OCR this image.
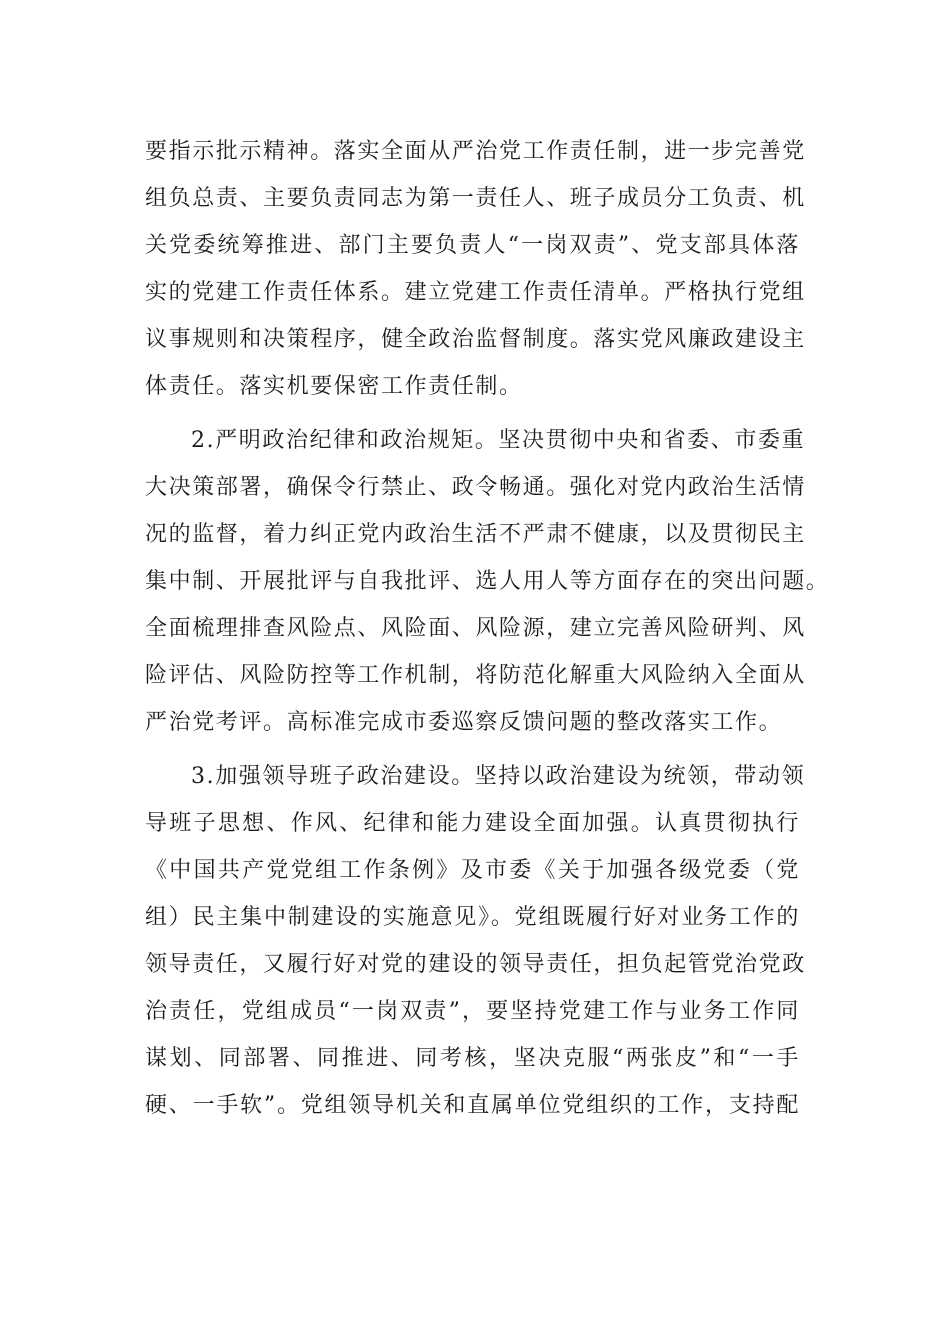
要指示批示精神。落实全面从严治党工作责任制，进一步完善党
组负总责、主要负责同志为第一责任人、班子成员分工负责、机
关党委统筹推进、部门主要负责人“一岗双责”、党支部具体落
实的党建工作责任体系。建立党建工作责任清单。严格执行党组
议事规则和决策程序，健全政治监督制度。落实党风廉政建设主
体责任。落实机要保密工作责任制。
2.严明政治纪律和政治规矩。坚决贯彻中央和省委、市委重
大决策部署，确保令行禁止、政令畅通。强化对党内政治生活情
况的监督，着力纠正党内政治生活不严肃不健康，以及贯彻民主
集中制、开展批评与自我批评、选人用人等方面存在的突出问题。
全面梳理排查风险点、风险面、风险源，建立完善风险研判、风
险评估、风险防控等工作机制，将防范化解重大风险纳入全面从
严治党考评。高标准完成市委巡察反馈问题的整改落实工作。
3.加强领导班子政治建设。坚持以政治建设为统领，带动领
导班子思想、作风、纪律和能力建设全面加强。认真贯彻执行
《中国共产党党组工作条例》及市委《关于加强各级党委（党
组）民主集中制建设的实施意见》。党组既履行好对业务工作的
领导责任，又履行好对党的建设的领导责任，担负起管党治党政
治责任，党组成员“一岗双责”，要坚持党建工作与业务工作同
谋划、同部署、同推进、同考核，坚决克服“两张皮”和“一手
硬、一手软”。党组领导机关和直属单位党组织的工作，支持配
